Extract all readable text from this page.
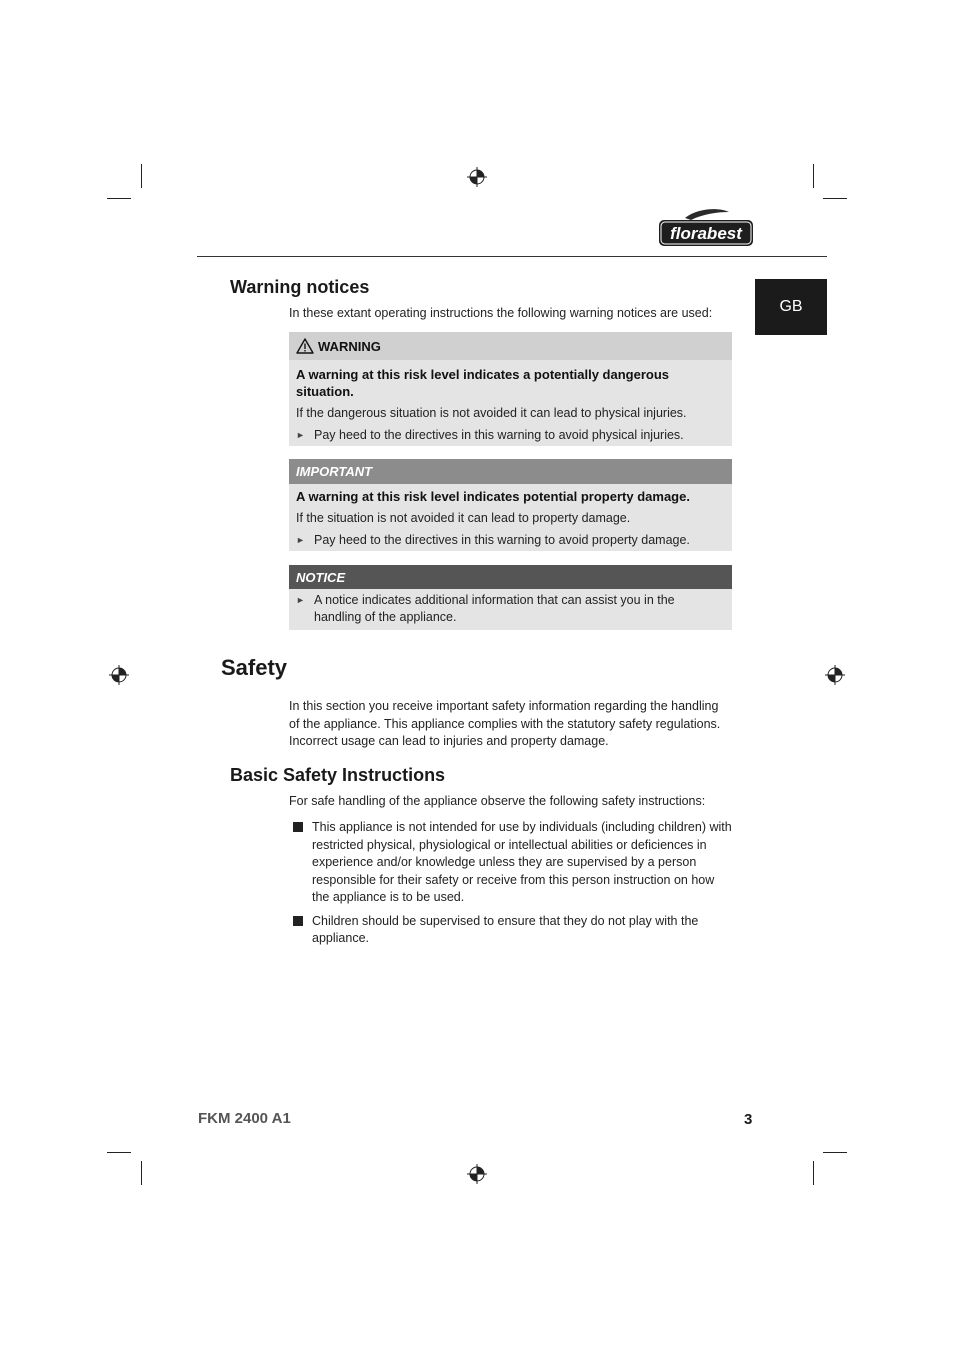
florabest
GB
Warning notices

In these extant operating instructions the following warning notices are used:

WARNING
A warning at this risk level indicates a potentially dangerous situation.
If the dangerous situation is not avoided it can lead to physical injuries.
► Pay heed to the directives in this warning to avoid physical injuries.
IMPORTANT
A warning at this risk level indicates potential property damage.
If the situation is not avoided it can lead to property damage.
► Pay heed to the directives in this warning to avoid property damage.
NOTICE
► A notice indicates additional information that can assist you in the handling of the appliance.
Safety

In this section you receive important safety information regarding the handling of the appliance. This appliance complies with the statutory safety regulations. Incorrect usage can lead to injuries and property damage.

Basic Safety Instructions

For safe handling of the appliance observe the following safety instructions:

This appliance is not intended for use by individuals (including children) with restricted physical, physiological or intellectual abilities or deficiences in experience and/or knowledge unless they are supervised by a person responsible for their safety or receive from this person instruction on how the appliance is to be used.
Children should be supervised to ensure that they do not play with the appliance.
FKM 2400 A1	3
